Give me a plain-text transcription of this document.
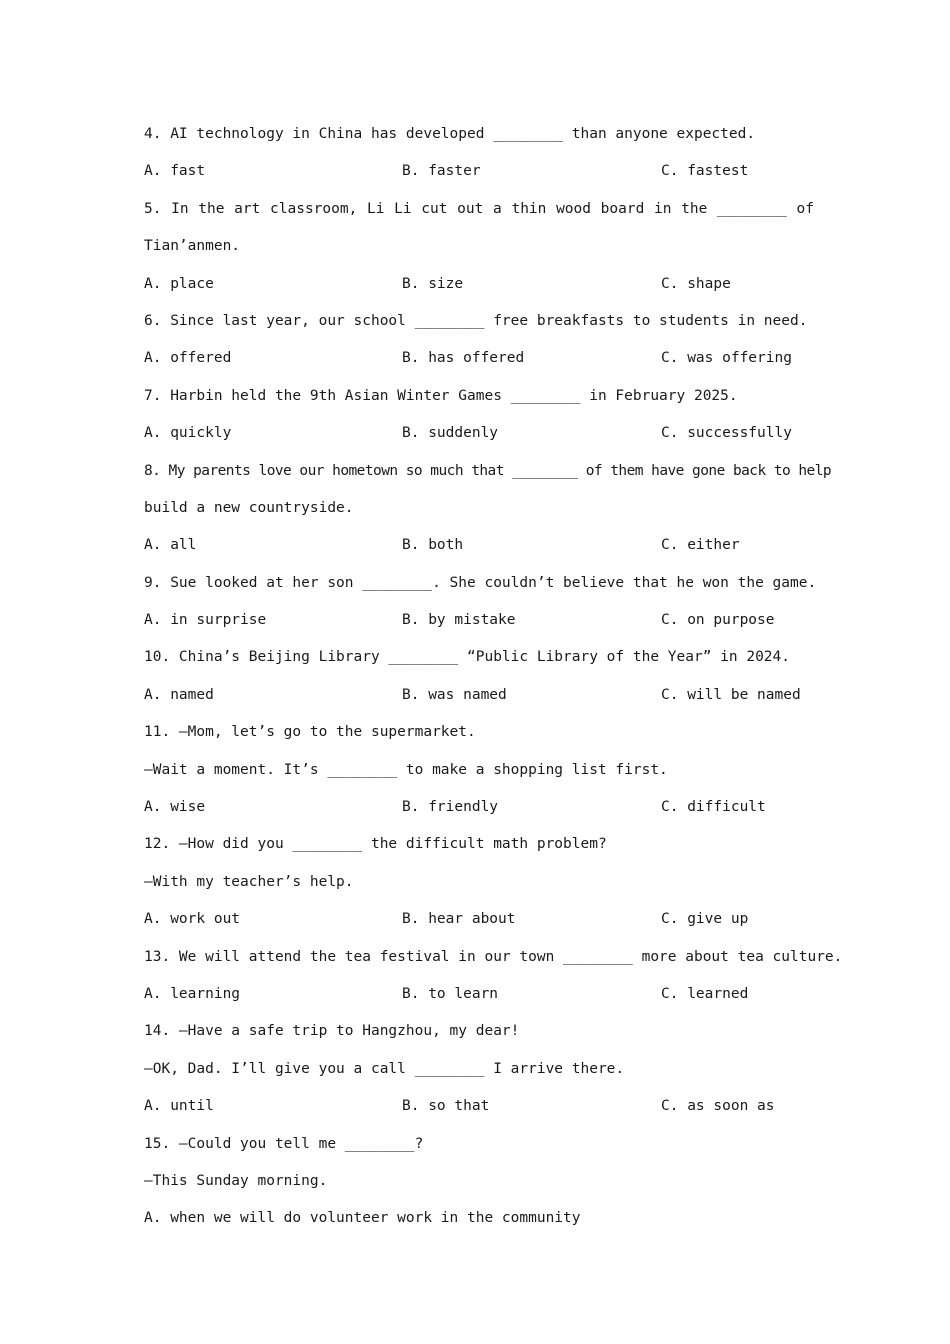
4. AI technology in China has developed ________ than anyone expected.
A. fast	B. faster	C. fastest
5. In the art classroom, Li Li cut out a thin wood board in the ________ of
Tian’anmen.
A. place	B. size	C. shape
6. Since last year, our school ________ free breakfasts to students in need.
A. offered	B. has offered	C. was offering
7. Harbin held the 9th Asian Winter Games ________ in February 2025.
A. quickly	B. suddenly	C. successfully
8. My parents love our hometown so much that ________ of them have gone back to help
build a new countryside.
A. all	B. both	C. either
9. Sue looked at her son ________. She couldn’t believe that he won the game.
A. in surprise	B. by mistake	C. on purpose
10. China’s Beijing Library ________ “Public Library of the Year” in 2024.
A. named	B. was named	C. will be named
11. —Mom, let’s go to the supermarket.
—Wait a moment. It’s ________ to make a shopping list first.
A. wise	B. friendly	C. difficult
12. —How did you ________ the difficult math problem?
—With my teacher’s help.
A. work out	B. hear about	C. give up
13. We will attend the tea festival in our town ________ more about tea culture.
A. learning	B. to learn	C. learned
14. —Have a safe trip to Hangzhou, my dear!
—OK, Dad. I’ll give you a call ________ I arrive there.
A. until	B. so that	C. as soon as
15. —Could you tell me ________?
—This Sunday morning.
A. when we will do volunteer work in the community
